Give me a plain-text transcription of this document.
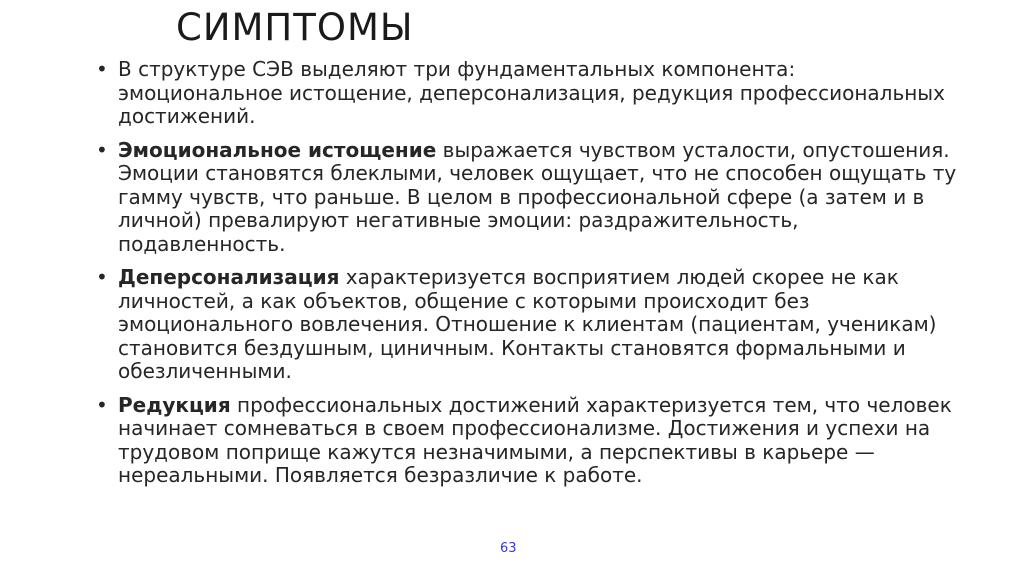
СИМПТОМЫ
• В структуре СЭВ выделяют три фундаментальных компонента: эмоциональное истощение, деперсонализация, редукция профессиональных достижений.
• Эмоциональное истощение выражается чувством усталости, опустошения. Эмоции становятся блеклыми, человек ощущает, что не способен ощущать ту гамму чувств, что раньше. В целом в профессиональной сфере (а затем и в личной) превалируют негативные эмоции: раздражительность, подавленность.
• Деперсонализация характеризуется восприятием людей скорее не как личностей, а как объектов, общение с которыми происходит без эмоционального вовлечения. Отношение к клиентам (пациентам, ученикам) становится бездушным, циничным. Контакты становятся формальными и обезличенными.
• Редукция профессиональных достижений характеризуется тем, что человек начинает сомневаться в своем профессионализме. Достижения и успехи на трудовом поприще кажутся незначимыми, а перспективы в карьере — нереальными. Появляется безразличие к работе.
63
